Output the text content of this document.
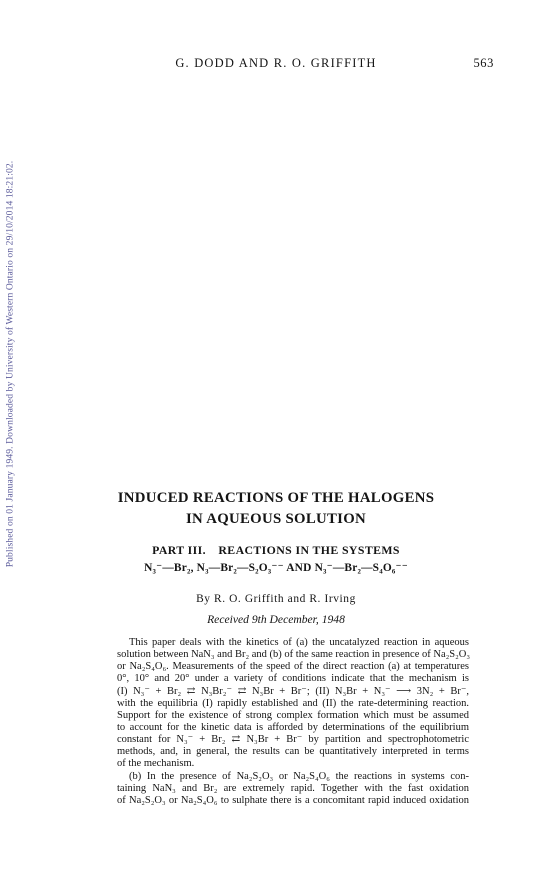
Published on 01 January 1949. Downloaded by University of Western Ontario on 29/10/2014 18:21:02.
G. DODD AND R. O. GRIFFITH	563
INDUCED REACTIONS OF THE HALOGENS
IN AQUEOUS SOLUTION
PART III. REACTIONS IN THE SYSTEMS
N₃⁻—Br₂, N₃—Br₂—S₂O₃⁻⁻ AND N₃⁻—Br₂—S₄O₆⁻⁻
By R. O. Griffith and R. Irving
Received 9th December, 1948
This paper deals with the kinetics of (a) the uncatalyzed reaction in aqueous
solution between NaN₃ and Br₂ and (b) of the same reaction in presence of Na₂S₂O₃
or Na₂S₄O₆. Measurements of the speed of the direct reaction (a) at temperatures
0°, 10° and 20° under a variety of conditions indicate that the mechanism is
(I) N₃⁻ + Br₂ ⇄ N₃Br₂⁻ ⇄ N₃Br + Br⁻; (II) N₃Br + N₃⁻ ⟶ 3N₂ + Br⁻,
with the equilibria (I) rapidly established and (II) the rate-determining reaction.
Support for the existence of strong complex formation which must be assumed
to account for the kinetic data is afforded by determinations of the equilibrium
constant for N₃⁻ + Br₂ ⇄ N₃Br + Br⁻ by partition and spectrophotometric
methods, and, in general, the results can be quantitatively interpreted in terms
of the mechanism.
(b) In the presence of Na₂S₂O₃ or Na₂S₄O₆ the reactions in systems con-
taining NaN₃ and Br₂ are extremely rapid. Together with the fast oxidation
of Na₂S₂O₃ or Na₂S₄O₆ to sulphate there is a concomitant rapid induced oxidation
